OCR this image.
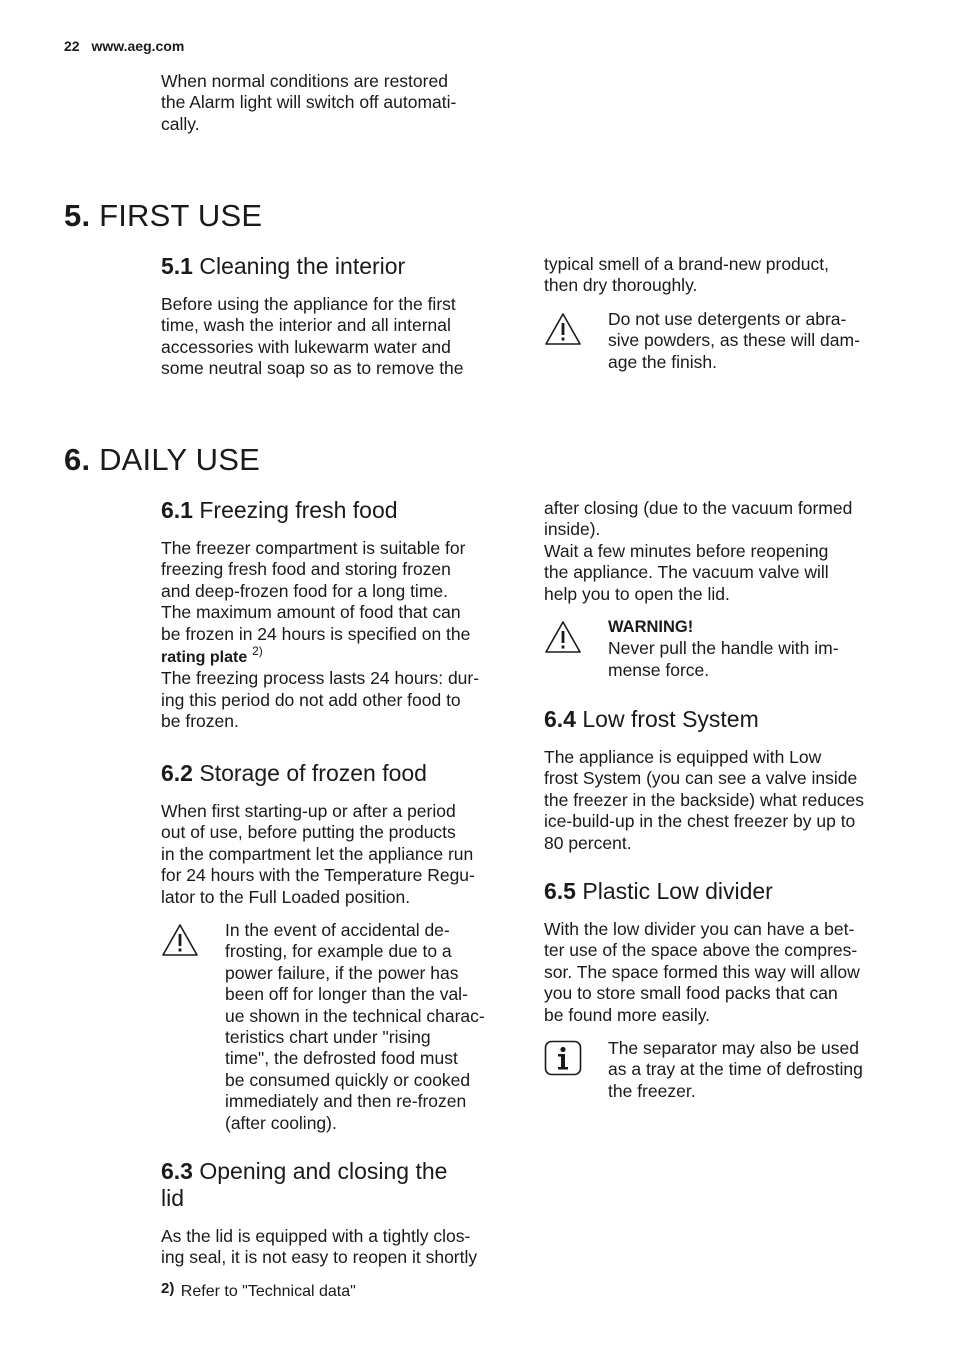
22 www.aeg.com
When normal conditions are restored
the Alarm light will switch off automati-
cally.
5. FIRST USE
5.1 Cleaning the interior
Before using the appliance for the first
time, wash the interior and all internal
accessories with lukewarm water and
some neutral soap so as to remove the
typical smell of a brand-new product,
then dry thoroughly.
Do not use detergents or abra-
sive powders, as these will dam-
age the finish.
6. DAILY USE
6.1 Freezing fresh food
The freezer compartment is suitable for
freezing fresh food and storing frozen
and deep-frozen food for a long time.
The maximum amount of food that can
be frozen in 24 hours is specified on the
rating plate $^{2)}$
The freezing process lasts 24 hours: dur-
ing this period do not add other food to
be frozen.
6.2 Storage of frozen food
When first starting-up or after a period
out of use, before putting the products
in the compartment let the appliance run
for 24 hours with the Temperature Regu-
lator to the Full Loaded position.
In the event of accidental de-
frosting, for example due to a
power failure, if the power has
been off for longer than the val-
ue shown in the technical charac-
teristics chart under "rising
time", the defrosted food must
be consumed quickly or cooked
immediately and then re-frozen
(after cooling).
6.3 Opening and closing the
lid
As the lid is equipped with a tightly clos-
ing seal, it is not easy to reopen it shortly
2) Refer to "Technical data"
after closing (due to the vacuum formed
inside).
Wait a few minutes before reopening
the appliance. The vacuum valve will
help you to open the lid.
WARNING!
Never pull the handle with im-
mense force.
6.4 Low frost System
The appliance is equipped with Low
frost System (you can see a valve inside
the freezer in the backside) what reduces
ice-build-up in the chest freezer by up to
80 percent.
6.5 Plastic Low divider
With the low divider you can have a bet-
ter use of the space above the compres-
sor. The space formed this way will allow
you to store small food packs that can
be found more easily.
The separator may also be used
as a tray at the time of defrosting
the freezer.
